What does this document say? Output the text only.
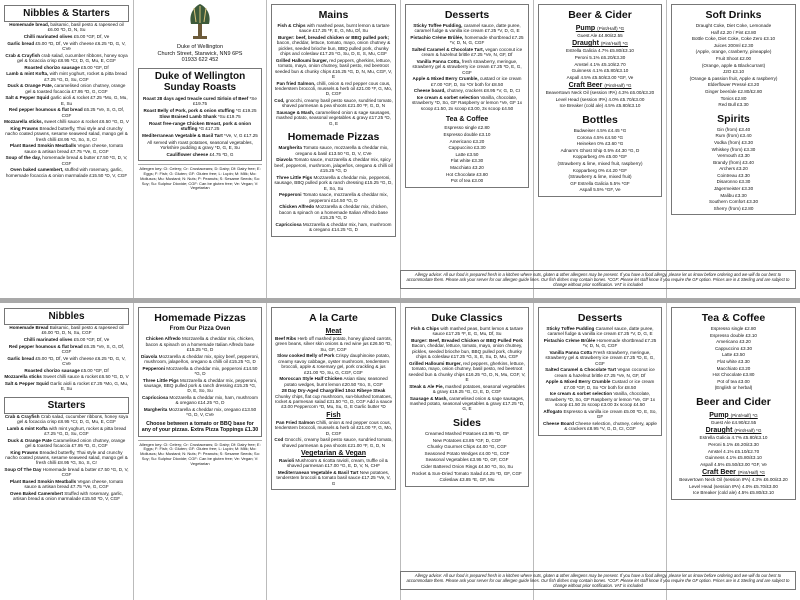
Nibbles & Starters
Homemade bread, balsamic, basil pesto & rapeseed oil £6.00 *D, D, N, Su
Chilli marinated olives £5.00 *GF, Df, Ve
Garlic bread £5.00 *D, Df, Ve with cheese £6.25 *D, G, V, CVe
Crab & Crayfish crab salad, cucumber ribbons, honey soya gel & focaccia crisp £8.95 *Cr, D, G, Mu, E, CGF
Roasted chorizo sausage £5.00 *GF, Df
Lamb & mint Kofta, with mint yoghurt, rocket & pitta bread £7.25 *G, D, Su, CGF
Duck & Orange Pate, caramelised onion chutney, orange gel & toasted focaccia £7.95 *D, G, CGF
Salt & Pepper Squid garlic aioli & rocket £7.25 *Mo, G, Mu, E, Su
Red pepper houmous & flat bread £6.25 *Ve, S, G, Df, CGF
Mozzarella sticks, sweet chilli sauce & rocket £6.50 *G, D, V
King Prawns Breaded butterfly, Thai style and crunchy nacho coated prawns, sesame seaweed salad, mango gel & fresh chilli £8.95 *G, So, S, Cr
Plant Based Smokin Meatballs Vegan cheese, tomato sauce & artisan bread £7.75 *Ve, G, CGF
Soup of the day, homemade bread & butter £7.50 *G, D, V, CGF
Oven baked camembert, stuffed with rosemary, garlic, homemade focaccia & onion marmalade £15.50 *D, V, CGF
Duke of Wellington
Church Street, Stanwick, NN9 6PS
01933 622 452
Duke of Wellington Sunday Roasts
Roast 28 days aged treacle cured Sirloin of Beef *Se £19.75
Roast Belly of Pork, pork & onion stuffing *G £19.25
Slow Braised Lamb Shank *Su £19.75
Roast free-range Chicken Breast, pork & onion stuffing *G £17.25
Mediterranean Vegetable & Basil Tart *Ve, V, G £17.25
All served with roast potatoes, seasonal vegetables, Yorkshire pudding & gravy *D, G, E, Su
Cauliflower cheese £4.75 *D, G
Allergen key: Cl: Celery; Cr: Crustaceans; D: Dairy; Df: Dairy free; E: Eggs; F: Fish; G: Gluten; GF: Gluten free; L: Lupin; M: Milk; Mo: Molluscs; Mu: Mustard; N: Nuts; P: Peanuts; S: Sesame Seeds; So: Soy; Su: Sulphur Dioxide; CGF: Can be gluten free; Ve: Vegan; V: Vegetarian
Mains
Fish & Chips with mashed peas, burnt lemon & tartare sauce £17.25 *F, E, G, Mu, Df, Su
Burger: beef, breaded chicken or BBQ pulled pork; bacon, cheddar, lettuce, tomato, mayo, onion chutney & pickles, seeded brioche bun, BBQ pulled pork, chunky chips and coleslaw £17.25 *G, Su, D, E, S, Mu, CGF
Grilled Halloumi burger, red peppers, gherkins, lettuce, tomato, mayo, onion chutney, basil pesto, red beetroot seeded bun & chunky chips £16.25 *G, D, N, Mu, CGF, V, E
Pan fried Salmon, chilli, onion & red pepper cous cous, tenderstem broccoli, mussels & herb oil £21.00 *F, G, Mo, D, CGF
Cod, gnocchi, creamy basil pesto sauce, sundried tomato, shaved parmesan & pea shoots £21.00 *F, G, D, N
Sausage & Mash, caramelised onion & sage sausages, mashed potato, seasonal vegetables & gravy £17.25 *D, G, E
Homemade Pizzas
Margherita Tomato sauce, mozzarella & cheddar mix, oregano & basil £13.50 *G, D, V, CVe
Diavola Tomato sauce, mozzarella & cheddar mix, spicy beef, pepperoni, mushroom, jalapeños, oregano & chilli oil £15.25 *G, D
Three Little Pigs Mozzarella & cheddar mix, pepperoni, sausage, BBQ pulled pork & ranch dressing £15.25 *G, D, E, So, Su
Pepperoni Tomato sauce, mozzarella & cheddar mix, pepperoni £14.50 *G, D
Chicken Alfredo Mozzarella & cheddar mix, chicken, bacon & spinach on a homemade Italian Alfredo base £15.25 *G, D
Capricciosa Mozzarella & cheddar mix, ham, mushroom & oregano £14.25 *G, D
Desserts
Sticky Toffee Pudding, caramel sauce, datte puree, caramel fudge & vanilla ice cream £7.25 *V, D, G, E
Pistachio Crème Brûlée, homemade shortbread £7.25 *V, D, N, G, CGF
Salted Caramel & Chocolate Tart, vegan coconut ice cream & hazelnut brittle £7.25 *Ve, N, GF, Df
Vanilla Panna Cotta, fresh strawberry, meringue, strawberry gel & strawberry ice cream £7.25 *D, E, G, CGF
Apple & Mixed Berry Crumble, custard or ice cream £7.00 *GF, D, So *Or both for £8.50
Cheese board, chutney, crackers £8.95 *V, G, D, CI
Ice cream & sorbet selection Vanilla, chocolate, strawberry *D, So, GF Raspberry or lemon *Ve, GF 1x scoop £1.50, 2x scoop £3.00, 3x scoop £4.50
Tea & Coffee
Espresso single £2.80
Espresso double £3.10
Americano £3.20
Cappuccino £3.30
Latte £3.50
Flat white £3.30
Macchiato £3.20
Hot Chocolate £3.80
Pot of tea £3.00
Beer & Cider
Pump (Pint/Half) *G
Guest Ale £4.90/£2.55
Draught (Pint/Half) *G
Estrella Galicia 4.7% £5.80/£3.10
Peroni 5.1% £6.20/£3.30
Amstel 4.1% £5.10/£2.70
Guinness 4.1% £5.80/£3.10
Aspall 4.5% £5.50/£3.00 *GF, Ve
Craft Beer (Pint/Half) *G
Beavertown Neck Oil (session IPA) 4.3% £6.00/£3.20
Level Head (session IPA) 4.0% £5.70/£3.00
Ice Breaker (cold ale) 4.5% £5.80/£3.10
Bottles
Budweiser 4.5% £4.45 *G
Corona 4.5% £4.50 *G
Heineken 0% £3.60 *G
Adnam's Ghost Ship 0.5% £4.30 *G, D
Kopparberg 4% £5.00 *GF
(Strawberry & lime, mixed fruit, raspberry)
Kopparberg 0% £4.20 *GF
(Strawberry & lime, mixed fruit)
GF Estrella Galicia 5.5% *GF
Aspall 5.5% *GF, Ve
Soft Drinks
Draught Coke, Diet Coke, Lemonade
Half £2.20 / Pint £3.80
Bottle Coke, Diet Coke, Coke Zero £3.10
Juices 200ml £2.30
(Apple, orange, cranberry, pineapple)
Fruit Shoot £2.00
(Orange, apple & Blackcurrant)
J2O £3.10
(Orange & passion fruit, Apple & raspberry)
Elderflower Pressé £3.20
Ginger beer/ale £2.80/£2.80
Tonics £2.80
Red Bull £3.30
Spirits
Gin (from) £3.40
Rum (from) £3.40
Vodka (from) £3.30
Whiskey (from) £3.30
Vermouth £3.30
Brandy (from) £3.40
Archers £3.20
Cointreau £3.30
Disaronno £3.30
Jägermeister £3.30
Malibu £3.30
Southern Comfort £3.30
Sherry (from) £2.80
Allergy advice: All our food is prepared fresh in a kitchen where nuts, gluten & other allergens may be present. If you have a food allergy, please let us know before ordering and we will do our best to accommodate them. Please ask your server for our allergen guide lines. Our fish dishes may contain bones. *CGF: Please let staff know if you require the GF option. Prices are in £ Sterling and are subject to change without prior notification. VAT is included
Nibbles
Homemade Bread Balsamic, basil pesto & rapeseed oil £6.00 *D, D, N, Su, CGF
Chilli marinated olives £5.00 *GF, Df, Ve
Red pepper houmous & flat bread £6.25 *Ve, S, G, Df, CGF
Garlic bread £5.00 *D, Df, Ve with cheese £6.25 *D, G, V, CVe
Roasted chorizo sausage £5.00 *GF, Df
Mozzarella sticks Sweet chilli sauce & rocket £6.50 *G, D, V
Salt & Pepper Squid Garlic aioli & rocket £7.25 *Mo, G, Mu, E, Su
Starters
Crab & Crayfish Crab salad, cucumber ribbons, honey soya gel & focaccia crisp £8.95 *Cr, D, G, Mu, E, CGF
Lamb & mint Kofta with mint yoghurt, rocket & pitta bread £7.25 *G, D, Su, CGF
Duck & Orange Pate Caramelised onion chutney, orange gel & toasted focaccia £7.95 *D, G, CGF
King Prawns Breaded butterfly, Thai style and crunchy nacho coated prawns, sesame seaweed salad, mango gel & fresh chilli £8.95 *G, So, S, Cr
Soup Of The Day Homemade bread & butter £7.50 *G, D, V, CGF
Plant Based Smokin Meatballs Vegan cheese, tomato sauce & artisan bread £7.75 *Ve, G, CGF
Oven Baked Camembert Stuffed with rosemary, garlic, artisan bread & onion marmalade £15.50 *D, V, CGF
Homemade Pizzas
From Our Pizza Oven
Chicken Alfredo Mozzarella & cheddar mix, chicken, bacon & spinach on a homemade Italian Alfredo base £15.25 *G, D
Diavola Mozzarella & cheddar mix, spicy beef, pepperoni, mushroom, jalapeños, oregano & chilli oil £15.25 *G, D
Pepperoni Mozzarella & cheddar mix, pepperoni £14.50 *G, D
Three Little Pigs Mozzarella & cheddar mix, pepperoni, sausage, BBQ pulled pork & ranch dressing £15.25 *G, D, E, So, Su
Capricciosa Mozzarella & cheddar mix, ham, mushroom & oregano £14.25 *G, D
Margherita Mozzarella & cheddar mix, oregano £13.50 *G, D, V, CVe
Choose between a tomato or BBQ base for any of your pizzas. Extra Pizza Toppings £1.30
Allergen key: Cl: Celery; Cr: Crustaceans; D: Dairy; Df: Dairy free; E: Eggs; F: Fish; G: Gluten; GF: Gluten free; L: Lupin; M: Milk; Mo: Molluscs; Mu: Mustard; N: Nuts; P: Peanuts; S: Sesame Seeds; So: Soy; Su: Sulphur Dioxide; CGF: Can be gluten free; Ve: Vegan; V: Vegetarian
A la Carte
Meat
Beef Ribs Herb off mashed potato, honey glazed carrots, green beans, silver skin onions & red wine jus £26.50 *D, Su, GF, CGF
Slow cooked Belly of Pork Crispy dauphinoise potato, creamy savoy cabbage, oyster mushroom, tenderstem broccoli, apple & rosemary gel, pork crackling & jus £21.00 *D, Su, G, CGF, CGF
Moroccan Style Half Chicken Asian slaw, seasoned potato wedges, burnt lemon £20.50 *So, S, CGF
28 Day Dry-Aged Chargrilled 10oz Ribeye Steak Chunky chips, flat cup mushroom, sun-blushed tomatoes, rocket & parmesan salad £31.50 *G, D, CGF Add a sauce £3.00 Peppercorn *D, Mu, Su, G, E Garlic butter *D
Fish
Pan Fried Salmon Chilli, onion & red pepper cous cous, tenderstem broccoli, mussels & herb oil £21.00 *F, G, Mo, D, CGF
Cod Gnocchi, creamy basil pesto sauce, sundried tomato, shaved parmesan & pea shoots £21.00 *F, G, D, N
Vegetarian & Vegan
Ravioli Mushroom & ricotta ravioli, cream, truffle oil & shaved parmesan £17.00 *G, E, D, V, N, CHF
Mediterranean Vegetable & Basil Tart New potatoes, tenderstem broccoli & tomato basil sauce £17.25 *Ve, V, G
Duke Classics
Fish & Chips with mashed peas, burnt lemon & tartare sauce £17.25 *F, E, G, Mu, Df, Su
Burger: Beef, Breaded Chicken or BBQ Pulled Pork Bacon, cheddar, lettuce, tomato, mayo, onion chutney, pickles, seeded brioche bun, BBQ pulled pork, chunky chips & coleslaw £17.25 *G, S, E, Su, D, Mu, CGF
Grilled Halloumi Burger, red peppers, gherkins, lettuce, tomato, mayo, onion chutney, basil pesto, red beetroot seeded bun & chunky chips £16.25 *G, D, N, Mu, CGF, V, E
Steak & Ale Pie, mashed potatoes, seasonal vegetables & gravy £19.25 *G, CI, E, D, CGF
Sausage & Mash, caramelised onion & sage sausages, mashed potato, seasonal vegetables & gravy £17.25 *D, G, E
Sides
Creamed Mashed Potatoes £3.95 *D, GF
New Potatoes £3.85 *GF, D, CGF
Chunky Gourmet Chips £4.00 *G, CGF
Seasoned Potato Wedges £4.00 *G, CGF
Seasonal Vegetables £3.95 *D, GF, CGF
Cider Battered Onion Rings £4.50 *G, So, Su
Rocket & Sun-Dried Tomato Salad £4.25 *D, GF, CGF
Coleslaw £3.85 *E, GF, Mu
Desserts
Sticky Toffee Pudding Caramel sauce, datte puree, caramel fudge & vanilla ice cream £7.25 *V, D, G, E
Pistachio Crème Brûlée Homemade shortbread £7.25 *V, D, N, G, CGF
Vanilla Panna Cotta Fresh strawberry, meringue, strawberry gel & strawberry ice cream £7.25 *D, E, G, CGF
Salted Caramel & Chocolate Tart Vegan coconut ice cream & hazelnut brittle £7.25 *Ve, N, GF, Df
Apple & Mixed Berry Crumble Custard or ice cream £7.00 *GF, D, So *Or both for £8.50
Ice cream & sorbet selection Vanilla, chocolate, strawberry *D, So, GF Raspberry or lemon *Ve, GF 1x scoop £1.50 2x scoop £3.00 3x scoop £4.50
Affogato Espresso & vanilla ice cream £5.00 *D, E, So, GF
Cheese Board Cheese selection, chutney, celery, apple & crackers £8.95 *V, G, D, CI, CGF
Tea & Coffee
Espresso single £2.80
Espresso double £3.10
Americano £3.20
Cappuccino £3.30
Latte £3.50
Flat white £3.30
Macchiato £3.20
Hot Chocolate £3.80
Pot of tea £3.00
(English or herbal)
Beer and Cider
Pump (Pint/Half) *G
Guest Ale £4.90/£2.55
Draught (Pint/Half) *G
Estrella Galicia 4.7% £5.80/£3.10
Peroni 5.1% £6.20/£3.30
Amstel 4.1% £5.10/£2.70
Guinness 4.1% £5.80/£3.10
Aspall 4.5% £5.50/£3.00 *GF, Ve
Craft Beer (Pint/Half) *G
Beavertown Neck Oil (session IPA) 4.3% £6.00/£3.20
Level Head (session IPA) 4.0% £5.70/£3.00
Ice Breaker (cold ale) 4.5% £5.80/£3.10
Allergy advice: All our food is prepared fresh in a kitchen where nuts, gluten & other allergens may be present. If you have a food allergy, please let us know before ordering and we will do our best to accommodate them. Please ask your server for our allergen guide lines. Our fish dishes may contain bones. *CGF: Please let staff know if you require the GF option. Prices are in £ Sterling and are subject to change without prior notification. VAT is included
